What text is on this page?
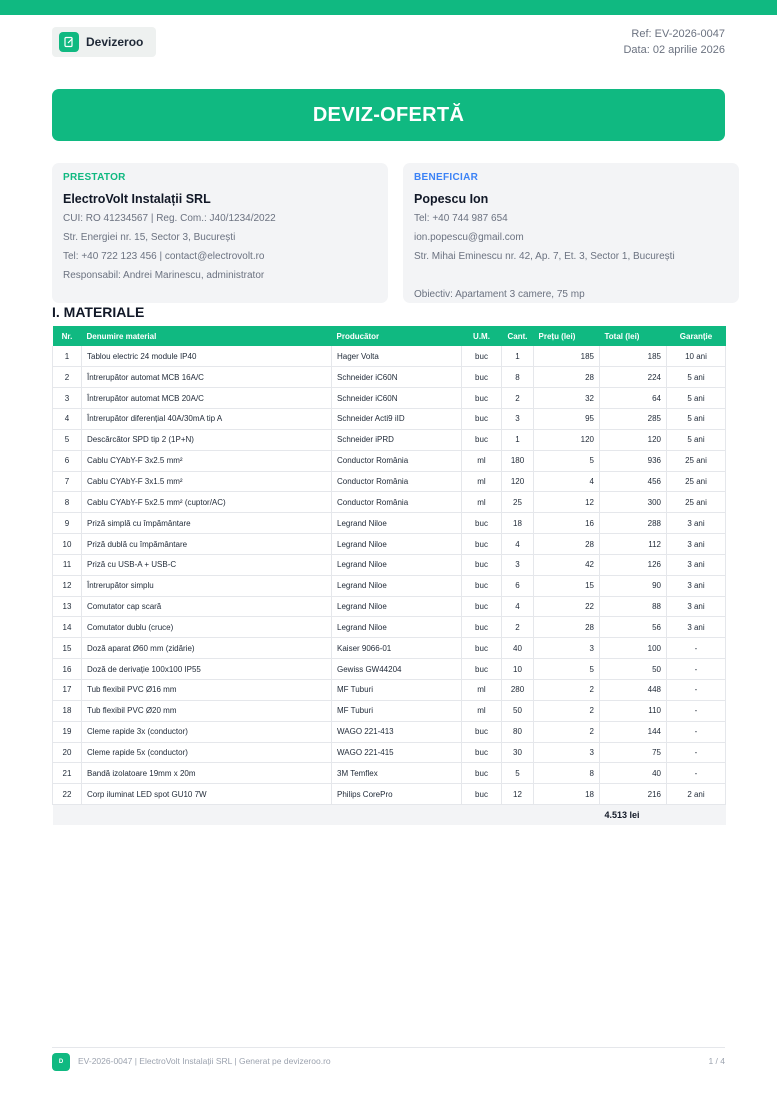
Devizeroo
Ref: EV-2026-0047
Data: 02 aprilie 2026
DEVIZ-OFERTĂ
PRESTATOR
ElectroVolt Instalații SRL
CUI: RO 41234567 | Reg. Com.: J40/1234/2022
Str. Energiei nr. 15, Sector 3, București
Tel: +40 722 123 456 | contact@electrovolt.ro
Responsabil: Andrei Marinescu, administrator
BENEFICIAR
Popescu Ion
Tel: +40 744 987 654
ion.popescu@gmail.com
Str. Mihai Eminescu nr. 42, Ap. 7, Et. 3, Sector 1, București
Obiectiv: Apartament 3 camere, 75 mp
I. MATERIALE
Nr.	Denumire material	Producător	U.M.	Cant.	Prețu (lei)	Total (lei)	Garanție
1	Tablou electric 24 module IP40	Hager Volta	buc	1	185	185	10 ani
2	Întrerupător automat MCB 16A/C	Schneider iC60N	buc	8	28	224	5 ani
3	Întrerupător automat MCB 20A/C	Schneider iC60N	buc	2	32	64	5 ani
4	Întrerupător diferențial 40A/30mA tip A	Schneider Acti9 iID	buc	3	95	285	5 ani
5	Descărcător SPD tip 2 (1P+N)	Schneider iPRD	buc	1	120	120	5 ani
6	Cablu CYAbY-F 3x2.5 mm²	Conductor România	ml	180	5	936	25 ani
7	Cablu CYAbY-F 3x1.5 mm²	Conductor România	ml	120	4	456	25 ani
8	Cablu CYAbY-F 5x2.5 mm² (cuptor/AC)	Conductor România	ml	25	12	300	25 ani
9	Priză simplă cu împământare	Legrand Niloe	buc	18	16	288	3 ani
10	Priză dublă cu împământare	Legrand Niloe	buc	4	28	112	3 ani
11	Priză cu USB-A + USB-C	Legrand Niloe	buc	3	42	126	3 ani
12	Întrerupător simplu	Legrand Niloe	buc	6	15	90	3 ani
13	Comutator cap scară	Legrand Niloe	buc	4	22	88	3 ani
14	Comutator dublu (cruce)	Legrand Niloe	buc	2	28	56	3 ani
15	Doză aparat Ø60 mm (zidărie)	Kaiser 9066-01	buc	40	3	100	-
16	Doză de derivație 100x100 IP55	Gewiss GW44204	buc	10	5	50	-
17	Tub flexibil PVC Ø16 mm	MF Tuburi	ml	280	2	448	-
18	Tub flexibil PVC Ø20 mm	MF Tuburi	ml	50	2	110	-
19	Cleme rapide 3x (conductor)	WAGO 221-413	buc	80	2	144	-
20	Cleme rapide 5x (conductor)	WAGO 221-415	buc	30	3	75	-
21	Bandă izolatoare 19mm x 20m	3M Temflex	buc	5	8	40	-
22	Corp iluminat LED spot GU10 7W	Philips CorePro	buc	12	18	216	2 ani
						4.513 lei	
D	EV-2026-0047 | ElectroVolt Instalații SRL | Generat pe devizeroo.ro	1 / 4
